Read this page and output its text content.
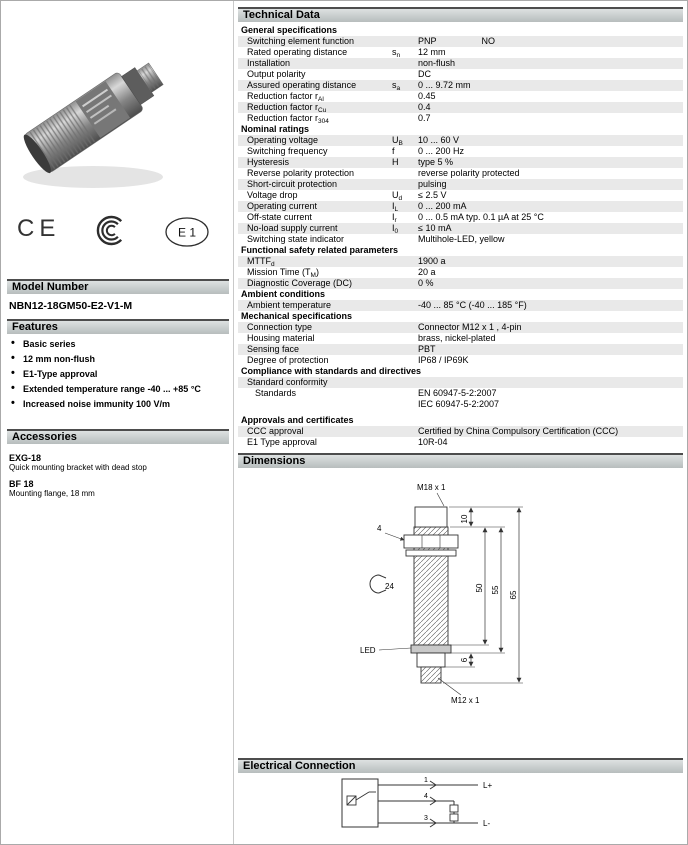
CE	E 1
Model Number
NBN12-18GM50-E2-V1-M
Features
• Basic series
• 12 mm non-flush
• E1-Type approval
• Extended temperature range -40 ... +85 °C
• Increased noise immunity 100 V/m
Accessories
EXG-18
Quick mounting bracket with dead stop
BF 18
Mounting flange, 18 mm
Technical Data
General specifications
Switching element function	PNP	NO
Rated operating distance	$s_n$	12 mm
Installation	non-flush
Output polarity	DC
Assured operating distance	$s_a$	0 ... 9.72 mm
Reduction factor $r_{Al}$	0.45
Reduction factor $r_{Cu}$	0.4
Reduction factor $r_{304}$	0.7
Nominal ratings
Operating voltage	$U_B$	10 ... 60 V
Switching frequency	f	0 ... 200 Hz
Hysteresis	H	type 5 %
Reverse polarity protection	reverse polarity protected
Short-circuit protection	pulsing
Voltage drop	$U_d$	≤ 2.5 V
Operating current	$I_L$	0 ... 200 mA
Off-state current	$I_r$	0 ... 0.5 mA typ. 0.1 µA at 25 °C
No-load supply current	$I_0$	≤ 10 mA
Switching state indicator	Multihole-LED, yellow
Functional safety related parameters
$MTTF_d$	1900 a
Mission Time $(T_M)$	20 a
Diagnostic Coverage (DC)	0 %
Ambient conditions
Ambient temperature	-40 ... 85 °C (-40 ... 185 °F)
Mechanical specifications
Connection type	Connector M12 x 1 , 4-pin
Housing material	brass, nickel-plated
Sensing face	PBT
Degree of protection	IP68 / IP69K
Compliance with standards and directives
Standard conformity
Standards	EN 60947-5-2:2007
IEC 60947-5-2:2007
Approvals and certificates
CCC approval	Certified by China Compulsory Certification (CCC)
E1 Type approval	10R-04
Dimensions
M18 x 1
LED
M12 x 1
4
24
10
50 55
65
6
Electrical Connection
1
4
3
L+
L-
